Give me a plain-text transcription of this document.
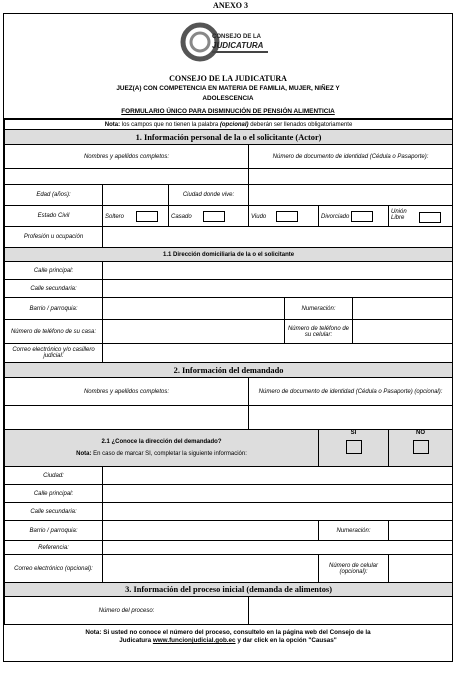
ANEXO 3
CONSEJO DE LA
JUDICATURA
CONSEJO DE LA JUDICATURA
JUEZ(A) CON COMPETENCIA EN MATERIA DE FAMILIA, MUJER, NIÑEZ Y
ADOLESCENCIA
FORMULARIO ÚNICO PARA DISMINUCIÓN DE PENSIÓN ALIMENTICIA
Nota: los campos que no tienen la palabra (opcional) deberán ser llenados obligatoriamente							
1. Información personal de la o el solicitante (Actor)							
Nombres y apellidos completos:			Número de documento de identidad (Cédula o Pasaporte):				

Edad (años):		Ciudad donde vive:					
Estado Civil	Soltero	Casado	Viudo		Divorciado		Unión Libre
Profesión u ocupación							
1.1 Dirección domiciliaria de la o el solicitante							
Calle principal:							
Calle secundaria:							
Barrio / parroquia:				Numeración:			
Número de teléfono de su casa:				Número de teléfono de su celular:			
Correo electrónico y/o casillero judicial:							
2. Información del demandado							
Nombres y apellidos completos:			Número de documento de identidad (Cédula o Pasaporte) (opcional):				

2.1 ¿Conoce la dirección del demandado?
Nota: En caso de marcar SI, completar la siguiente información:					SI		NO

Ciudad:							
Calle principal:							
Calle secundaria:							
Barrio / parroquia:					Numeración:		
Referencia:							
Correo electrónico (opcional):					Número de celular (opcional):		
3. Información del proceso inicial (demanda de alimentos)							
Número del proceso:							
Nota: Si usted no conoce el número del proceso, consultelo en la página web del Consejo de la
Judicatura www.funcionjudicial.gob.ec y dar click en la opción "Causas"
